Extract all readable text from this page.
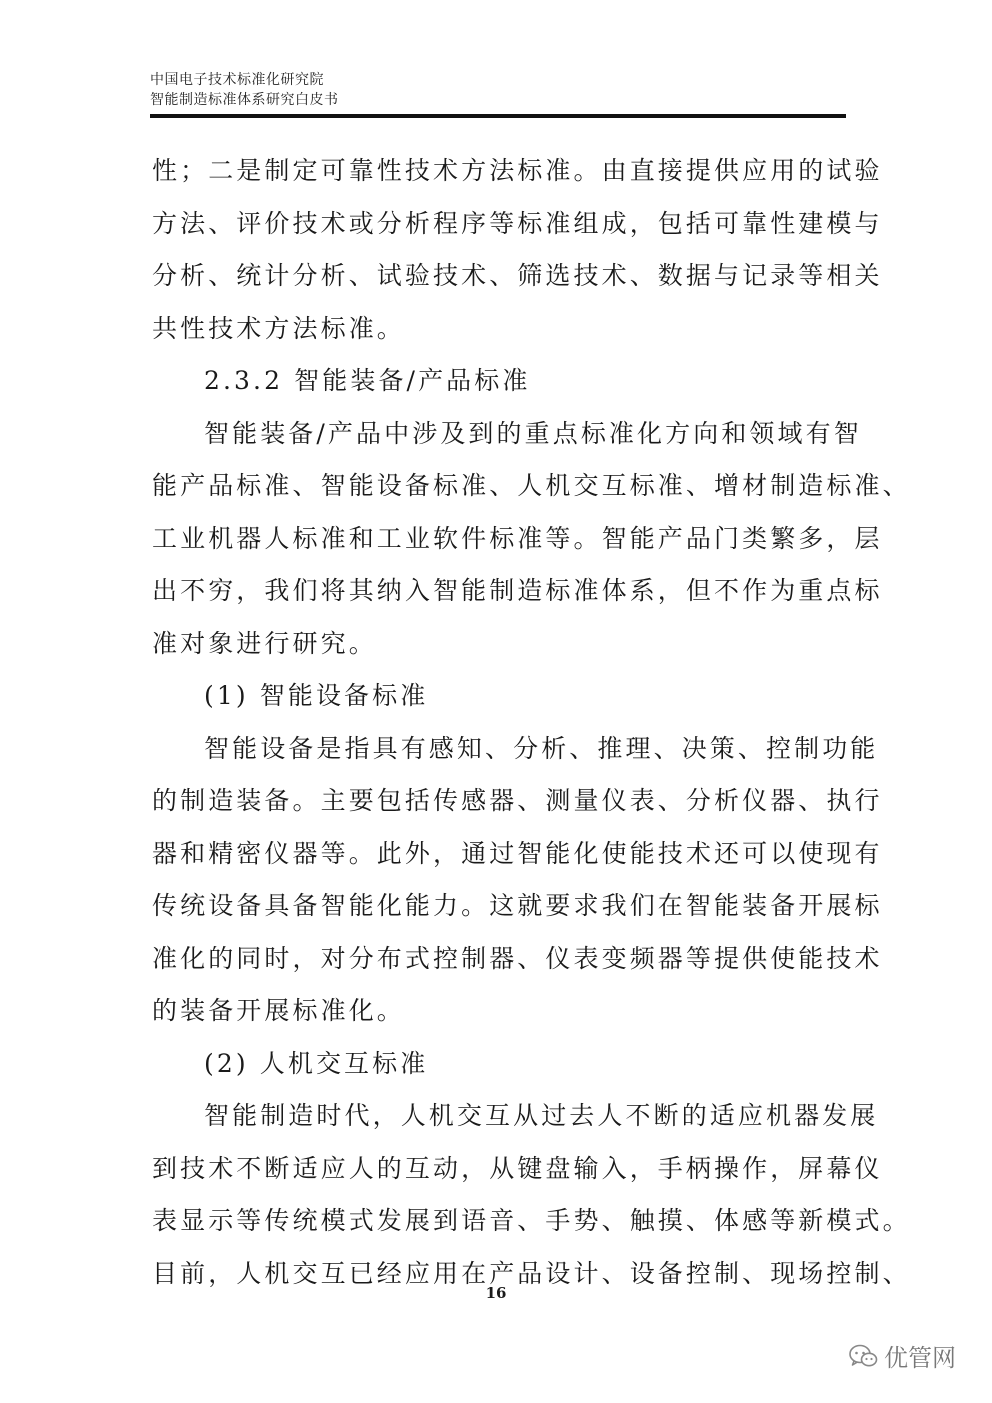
中国电子技术标准化研究院
智能制造标准体系研究白皮书
性；二是制定可靠性技术方法标准。由直接提供应用的试验
方法、评价技术或分析程序等标准组成，包括可靠性建模与
分析、统计分析、试验技术、筛选技术、数据与记录等相关
共性技术方法标准。
2.3.2 智能装备/产品标准
智能装备/产品中涉及到的重点标准化方向和领域有智
能产品标准、智能设备标准、人机交互标准、增材制造标准、
工业机器人标准和工业软件标准等。智能产品门类繁多，层
出不穷，我们将其纳入智能制造标准体系，但不作为重点标
准对象进行研究。
(1) 智能设备标准
智能设备是指具有感知、分析、推理、决策、控制功能
的制造装备。主要包括传感器、测量仪表、分析仪器、执行
器和精密仪器等。此外，通过智能化使能技术还可以使现有
传统设备具备智能化能力。这就要求我们在智能装备开展标
准化的同时，对分布式控制器、仪表变频器等提供使能技术
的装备开展标准化。
(2) 人机交互标准
智能制造时代，人机交互从过去人不断的适应机器发展
到技术不断适应人的互动，从键盘输入，手柄操作，屏幕仪
表显示等传统模式发展到语音、手势、触摸、体感等新模式。
目前，人机交互已经应用在产品设计、设备控制、现场控制、
16
优管网
